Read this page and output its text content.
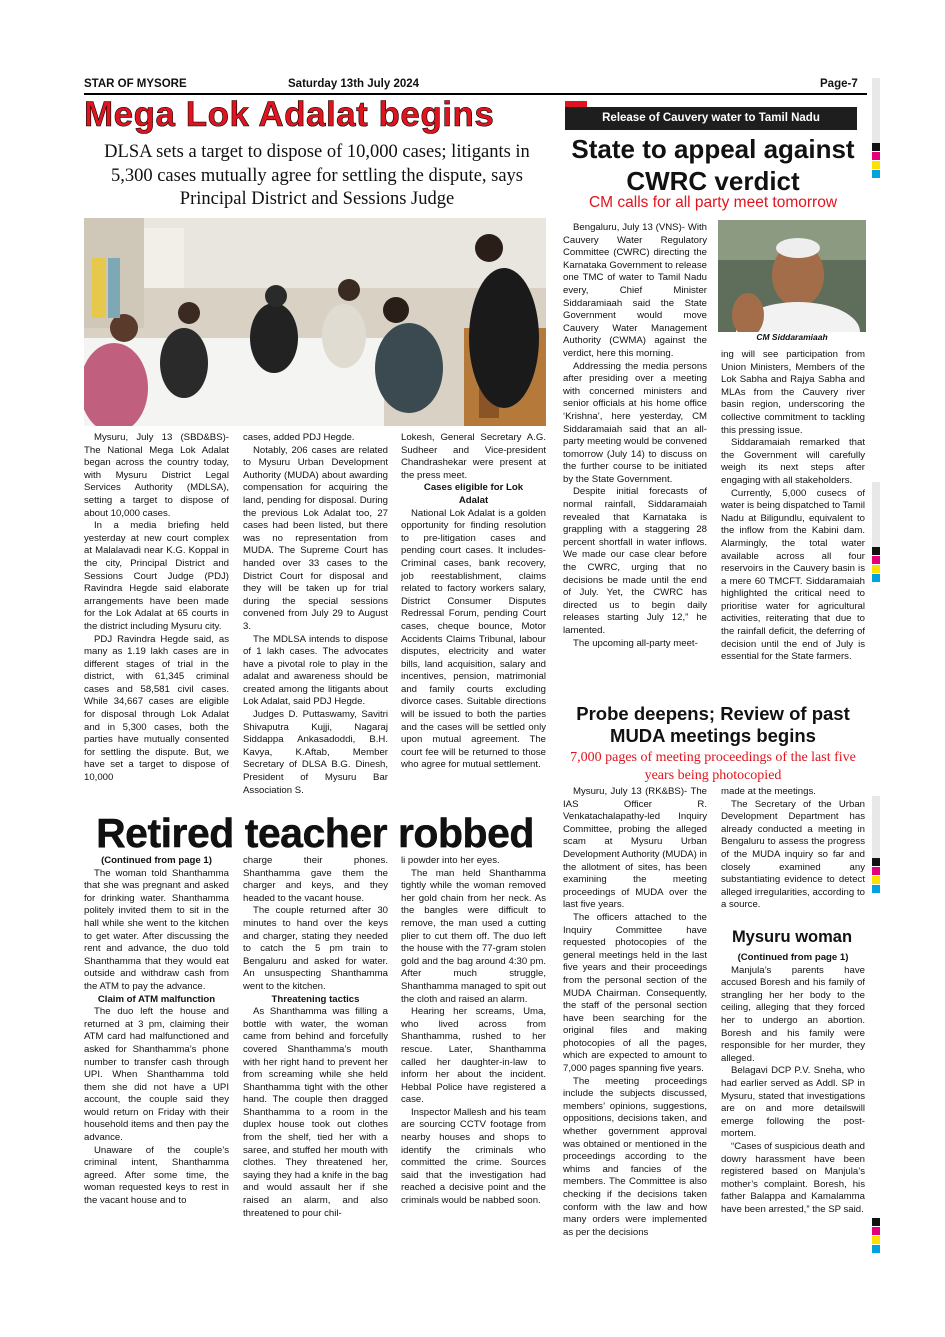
STAR OF MYSORE	Saturday 13th July 2024	Page-7
Mega Lok Adalat begins
DLSA sets a target to dispose of 10,000 cases; litigants in 5,300 cases mutually agree for settling the dispute, says Principal District and Sessions Judge

Mysuru, July 13 (SBD&BS)- The National Mega Lok Adalat began across the country today, with Mysuru District Legal Services Authority (MDLSA), setting a target to dispose of about 10,000 cases.

In a media briefing held yesterday at new court complex at Malalavadi near K.G. Koppal in the city, Principal District and Sessions Court Judge (PDJ) Ravindra Hegde said elaborate arrangements have been made for the Lok Adalat at 65 courts in the district including Mysuru city.

PDJ Ravindra Hegde said, as many as 1.19 lakh cases are in different stages of trial in the district, with 61,345 criminal cases and 58,581 civil cases. While 34,667 cases are eligible for disposal through Lok Adalat and in 5,300 cases, both the parties have mutually consented for settling the dispute. But, we have set a target to dispose of 10,000

cases, added PDJ Hegde.

Notably, 206 cases are related to Mysuru Urban Development Authority (MUDA) about awarding compensation for acquiring the land, pending for disposal. During the previous Lok Adalat too, 27 cases had been listed, but there was no representation from MUDA. The Supreme Court has handed over 33 cases to the District Court for disposal and they will be taken up for trial during the special sessions convened from July 29 to August 3.

The MDLSA intends to dispose of 1 lakh cases. The advocates have a pivotal role to play in the adalat and awareness should be created among the litigants about Lok Adalat, said PDJ Hegde.

Judges D. Puttaswamy, Savitri Shivaputra Kujji, Nagaraj Siddappa Ankasadoddi, B.H. Kavya, K.Aftab, Member Secretary of DLSA B.G. Dinesh, President of Mysuru Bar Association S.

Lokesh, General Secretary A.G. Sudheer and Vice-president Chandrashekar were present at the press meet.

Cases eligible for Lok Adalat

National Lok Adalat is a golden opportunity for finding resolution to pre-litigation cases and pending court cases. It includes- Criminal cases, bank recovery, job reestablishment, claims related to factory workers salary, District Consumer Disputes Redressal Forum, pending Court cases, cheque bounce, Motor Accidents Claims Tribunal, labour disputes, electricity and water bills, land acquisition, salary and incentives, pension, matrimonial and family courts excluding divorce cases. Suitable directions will be issued to both the parties and the cases will be settled only upon mutual agreement. The court fee will be returned to those who agree for mutual settlement.

Release of Cauvery water to Tamil Nadu
State to appeal against CWRC verdict
CM calls for all party meet tomorrow

Bengaluru, July 13 (VNS)- With Cauvery Water Regulatory Committee (CWRC) directing the Karnataka Government to release one TMC of water to Tamil Nadu every, Chief Minister Siddaramiaah said the State Government would move Cauvery Water Management Authority (CWMA) against the verdict, here this morning.

Addressing the media persons after presiding over a meeting with concerned ministers and senior officials at his home office ‘Krishna’, here yesterday, CM Siddaramaiah said that an all-party meeting would be convened tomorrow (July 14) to discuss on the further course to be initiated by the State Government.

Despite initial forecasts of normal rainfall, Siddaramaiah revealed that Karnataka is grappling with a staggering 28 percent shortfall in water inflows. We made our case clear before the CWRC, urging that no decisions be made until the end of July. Yet, the CWRC has directed us to begin daily releases starting July 12,” he lamented.

The upcoming all-party meet-

CM Siddaramiaah

ing will see participation from Union Ministers, Members of the Lok Sabha and Rajya Sabha and MLAs from the Cauvery river basin region, underscoring the collective commitment to tackling this pressing issue.

Siddaramaiah remarked that the Government will carefully weigh its next steps after engaging with all stakeholders.

Currently, 5,000 cusecs of water is being dispatched to Tamil Nadu at Biligundlu, equivalent to the inflow from the Kabini dam. Alarmingly, the total water available across all four reservoirs in the Cauvery basin is a mere 60 TMCFT. Siddaramaiah highlighted the critical need to prioritise water for agricultural activities, reiterating that due to the rainfall deficit, the deferring of decision until the end of July is essential for the State farmers.

Probe deepens; Review of past MUDA meetings begins
7,000 pages of meeting proceedings of the last five years being photocopied

Mysuru, July 13 (RK&BS)- The IAS Officer R. Venkatachalapathy-led Inquiry Committee, probing the alleged scam at Mysuru Urban Development Authority (MUDA) in the allotment of sites, has been examining the meeting proceedings of MUDA over the last five years.

The officers attached to the Inquiry Committee have requested photocopies of the general meetings held in the last five years and their proceedings from the personal section of the MUDA Chairman. Consequently, the staff of the personal section have been searching for the original files and making photocopies of all the pages, which are expected to amount to 7,000 pages spanning five years.

The meeting proceedings include the subjects discussed, members’ opinions, suggestions, oppositions, decisions taken, and whether government approval was obtained or mentioned in the proceedings according to the whims and fancies of the members. The Committee is also checking if the decisions taken conform with the law and how many orders were implemented as per the decisions

made at the meetings.

The Secretary of the Urban Development Department has already conducted a meeting in Bengaluru to assess the progress of the MUDA inquiry so far and closely examined any substantiating evidence to detect alleged irregularities, according to a source.

Mysuru woman

(Continued from page 1)

Manjula’s parents have accused Boresh and his family of strangling her her body to the ceiling, alleging that they forced her to undergo an abortion. Boresh and his family were responsible for her murder, they alleged.

Belagavi DCP P.V. Sneha, who had earlier served as Addl. SP in Mysuru, stated that investigations are on and more detailswill emerge following the post-mortem.

“Cases of suspicious death and dowry harassment have been registered based on Manjula’s mother’s complaint. Boresh, his father Balappa and Kamalamma have been arrested,” the SP said.

Retired teacher robbed

(Continued from page 1)

The woman told Shanthamma that she was pregnant and asked for drinking water. Shanthamma politely invited them to sit in the hall while she went to the kitchen to get water. After discussing the rent and advance, the duo told Shanthamma that they would eat outside and withdraw cash from the ATM to pay the advance.

Claim of ATM malfunction

The duo left the house and returned at 3 pm, claiming their ATM card had malfunctioned and asked for Shanthamma’s phone number to transfer cash through UPI. When Shanthamma told them she did not have a UPI account, the couple said they would return on Friday with their household items and then pay the advance.

Unaware of the couple’s criminal intent, Shanthamma agreed. After some time, the woman requested keys to rest in the vacant house and to

charge their phones. Shanthamma gave them the charger and keys, and they headed to the vacant house.

The couple returned after 30 minutes to hand over the keys and charger, stating they needed to catch the 5 pm train to Bengaluru and asked for water. An unsuspecting Shanthamma went to the kitchen.

Threatening tactics

As Shanthamma was filling a bottle with water, the woman came from behind and forcefully covered Shanthamma’s mouth with her right hand to prevent her from screaming while she held Shanthamma tight with the other hand. The couple then dragged Shanthamma to a room in the duplex house took out clothes from the shelf, tied her with a saree, and stuffed her mouth with clothes. They threatened her, saying they had a knife in the bag and would assault her if she raised an alarm, and also threatened to pour chil-

li powder into her eyes.

The man held Shanthamma tightly while the woman removed her gold chain from her neck. As the bangles were difficult to remove, the man used a cutting plier to cut them off. The duo left the house with the 77-gram stolen gold and the bag around 4:30 pm. After much struggle, Shanthamma managed to spit out the cloth and raised an alarm.

Hearing her screams, Uma, who lived across from Shanthamma, rushed to her rescue. Later, Shanthamma called her daughter-in-law to inform her about the incident. Hebbal Police have registered a case.

Inspector Mallesh and his team are sourcing CCTV footage from nearby houses and shops to identify the criminals who committed the crime. Sources said that the investigation had reached a decisive point and the criminals would be nabbed soon.
